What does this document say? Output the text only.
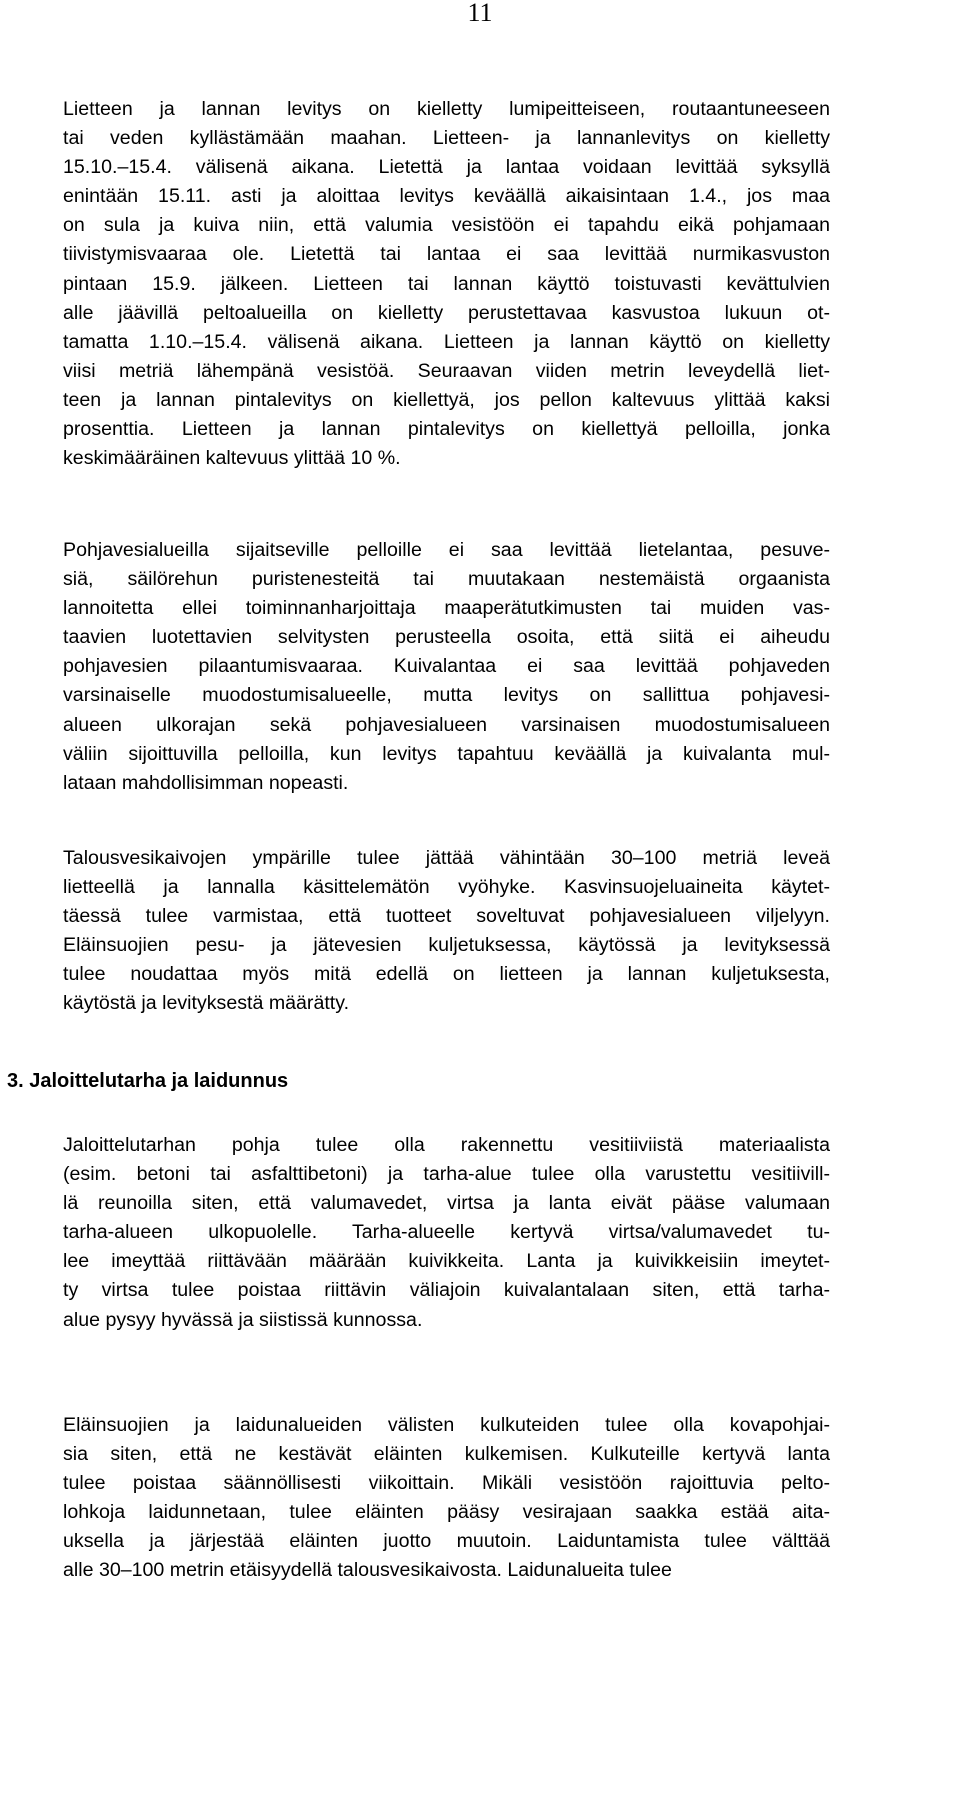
11
Lietteen ja lannan levitys on kielletty lumipeitteiseen, routaantuneeseen
tai veden kyllästämään maahan. Lietteen- ja lannanlevitys on kielletty
15.10.–15.4. välisenä aikana. Lietettä ja lantaa voidaan levittää syksyllä
enintään 15.11. asti ja aloittaa levitys keväällä aikaisintaan 1.4., jos maa
on sula ja kuiva niin, että valumia vesistöön ei tapahdu eikä pohjamaan
tiivistymisvaaraa ole. Lietettä tai lantaa ei saa levittää nurmikasvuston
pintaan 15.9. jälkeen. Lietteen tai lannan käyttö toistuvasti kevättulvien
alle jäävillä peltoalueilla on kielletty perustettavaa kasvustoa lukuun ot-
tamatta 1.10.–15.4. välisenä aikana. Lietteen ja lannan käyttö on kielletty
viisi metriä lähempänä vesistöä. Seuraavan viiden metrin leveydellä liet-
teen ja lannan pintalevitys on kiellettyä, jos pellon kaltevuus ylittää kaksi
prosenttia. Lietteen ja lannan pintalevitys on kiellettyä pelloilla, jonka
keskimääräinen kaltevuus ylittää 10 %.
Pohjavesialueilla sijaitseville pelloille ei saa levittää lietelantaa, pesuve-
siä, säilörehun puristenesteitä tai muutakaan nestemäistä orgaanista
lannoitetta ellei toiminnanharjoittaja maaperätutkimusten tai muiden vas-
taavien luotettavien selvitysten perusteella osoita, että siitä ei aiheudu
pohjavesien pilaantumisvaaraa. Kuivalantaa ei saa levittää pohjaveden
varsinaiselle muodostumisalueelle, mutta levitys on sallittua pohjavesi-
alueen ulkorajan sekä pohjavesialueen varsinaisen muodostumisalueen
väliin sijoittuvilla pelloilla, kun levitys tapahtuu keväällä ja kuivalanta mul-
lataan mahdollisimman nopeasti.
Talousvesikaivojen ympärille tulee jättää vähintään 30–100 metriä leveä
lietteellä ja lannalla käsittelemätön vyöhyke. Kasvinsuojeluaineita käytet-
täessä tulee varmistaa, että tuotteet soveltuvat pohjavesialueen viljelyyn.
Eläinsuojien pesu- ja jätevesien kuljetuksessa, käytössä ja levityksessä
tulee noudattaa myös mitä edellä on lietteen ja lannan kuljetuksesta,
käytöstä ja levityksestä määrätty.
3. Jaloittelutarha ja laidunnus
Jaloittelutarhan pohja tulee olla rakennettu vesitiiviistä materiaalista
(esim. betoni tai asfalttibetoni) ja tarha-alue tulee olla varustettu vesitiivill-
lä reunoilla siten, että valumavedet, virtsa ja lanta eivät pääse valumaan
tarha-alueen ulkopuolelle. Tarha-alueelle kertyvä virtsa/valumavedet tu-
lee imeyttää riittävään määrään kuivikkeita. Lanta ja kuivikkeisiin imeytet-
ty virtsa tulee poistaa riittävin väliajoin kuivalantalaan siten, että tarha-
alue pysyy hyvässä ja siistissä kunnossa.
Eläinsuojien ja laidunalueiden välisten kulkuteiden tulee olla kovapohjai-
sia siten, että ne kestävät eläinten kulkemisen. Kulkuteille kertyvä lanta
tulee poistaa säännöllisesti viikoittain. Mikäli vesistöön rajoittuvia pelto-
lohkoja laidunnetaan, tulee eläinten pääsy vesirajaan saakka estää aita-
uksella ja järjestää eläinten juotto muutoin. Laiduntamista tulee välttää
alle 30–100 metrin etäisyydellä talousvesikaivosta. Laidunalueita tulee
